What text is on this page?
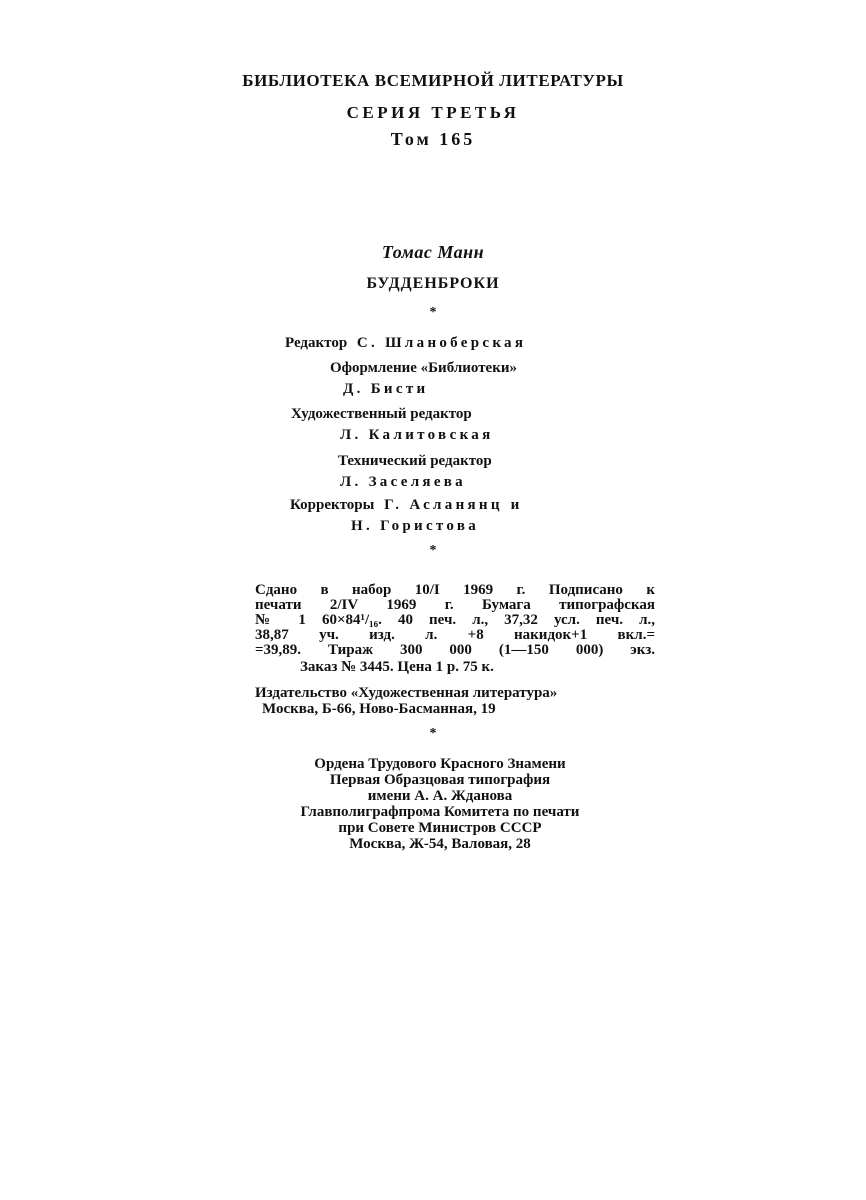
БИБЛИОТЕКА ВСЕМИРНОЙ ЛИТЕРАТУРЫ
СЕРИЯ ТРЕТЬЯ
Том 165
Томас Манн
БУДДЕНБРОКИ
*
Редактор С. Шланоберская
Оформление «Библиотеки»
Д. Бисти
Художественный редактор
Л. Калитовская
Технический редактор
Л. Заселяева
Корректоры Г. Асланянц и
Н. Гористова
*
Сдано в набор 10/I 1969 г. Подписано к
печати 2/IV 1969 г. Бумага типографская
№ 1 60×84¹/₁₆. 40 печ. л., 37,32 усл. печ. л.,
38,87 уч. изд. л. +8 накидок+1 вкл.=
=39,89. Тираж 300 000 (1—150 000) экз.
Заказ № 3445. Цена 1 р. 75 к.
Издательство «Художественная литература»
Москва, Б-66, Ново-Басманная, 19
*
Ордена Трудового Красного Знамени
Первая Образцовая типография
имени А. А. Жданова
Главполиграфпрома Комитета по печати
при Совете Министров СССР
Москва, Ж-54, Валовая, 28
